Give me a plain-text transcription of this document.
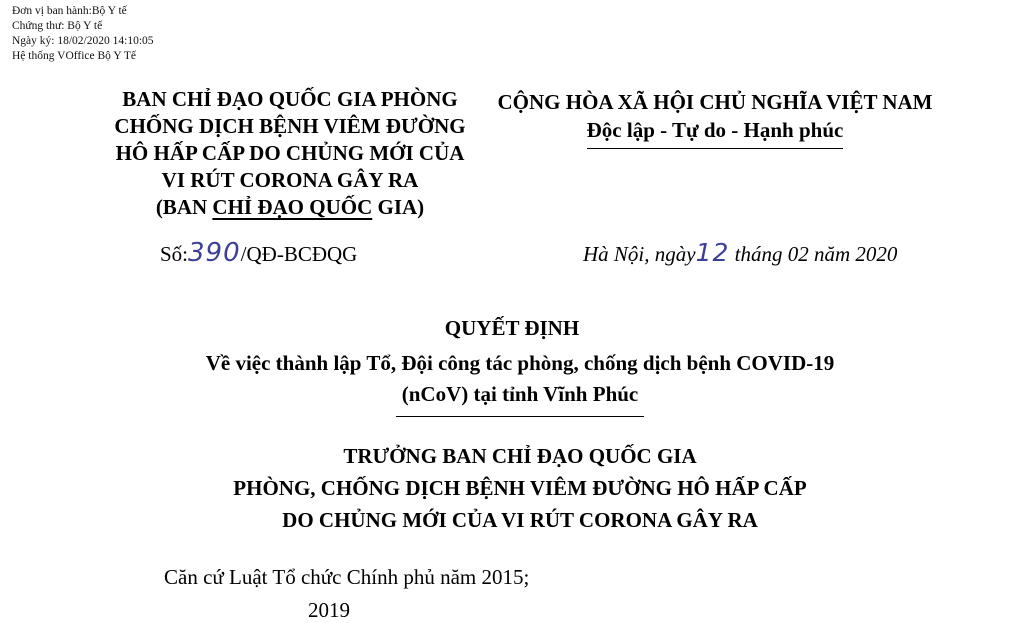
Đơn vị ban hành:Bộ Y tế
Chứng thư: Bộ Y tế
Ngày ký: 18/02/2020 14:10:05
Hệ thống VOffice Bộ Y Tế
BAN CHỈ ĐẠO QUỐC GIA PHÒNG
CHỐNG DỊCH BỆNH VIÊM ĐƯỜNG
HÔ HẤP CẤP DO CHỦNG MỚI CỦA
VI RÚT CORONA GÂY RA
(BAN CHỈ ĐẠO QUỐC GIA)
CỘNG HÒA XÃ HỘI CHỦ NGHĨA VIỆT NAM
Độc lập - Tự do - Hạnh phúc
Số:390/QĐ-BCĐQG	Hà Nội, ngày12 tháng 02 năm 2020
QUYẾT ĐỊNH
Về việc thành lập Tổ, Đội công tác phòng, chống dịch bệnh COVID-19
(nCoV) tại tỉnh Vĩnh Phúc
TRƯỞNG BAN CHỈ ĐẠO QUỐC GIA
PHÒNG, CHỐNG DỊCH BỆNH VIÊM ĐƯỜNG HÔ HẤP CẤP
DO CHỦNG MỚI CỦA VI RÚT CORONA GÂY RA
Căn cứ Luật Tổ chức Chính phủ năm 2015;
2019
